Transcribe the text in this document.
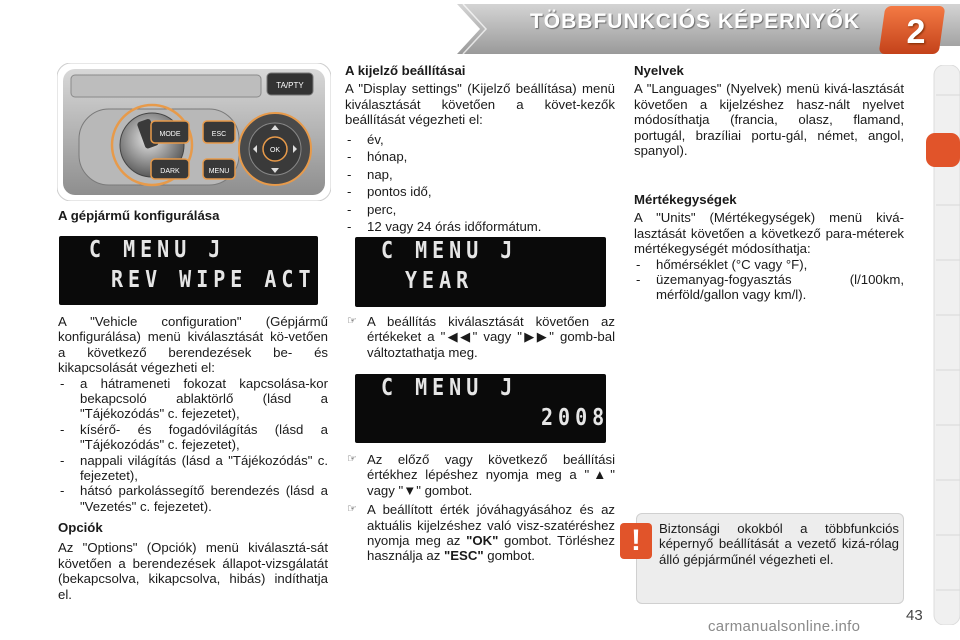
TÖBBFUNKCIÓS KÉPERNYŐK	2
TA/PTY
MODE
DARK
ESC
MENU
OK
A gépjármű konfigurálása
C MENU J
REV WIPE ACT

A "Vehicle configuration" (Gépjármű konfigurálása) menü kiválasztását kö-vetően a következő berendezések be- és kikapcsolását végezheti el:

- a hátrameneti fokozat kapcsolása-kor bekapcsoló ablaktörlő (lásd a "Tájékozódás" c. fejezetet),
- kísérő- és fogadóvilágítás (lásd a "Tájékozódás" c. fejezetet),
- nappali világítás (lásd a "Tájékozódás" c. fejezetet),
- hátsó parkolássegítő berendezés (lásd a "Vezetés" c. fejezetet).

Opciók

Az "Options" (Opciók) menü kiválasztá-sát követően a berendezések állapot-vizsgálatát (bekapcsolva, kikapcsolva, hibás) indíthatja el.

A kijelző beállításai

A "Display settings" (Kijelző beállítása) menü kiválasztását követően a követ-kezők beállítását végezheti el:

- év,
- hónap,
- nap,
- pontos idő,
- perc,
- 12 vagy 24 órás időformátum.
C MENU J
YEAR
☞ A beállítás kiválasztását követően az értékeket a "◀◀" vagy "▶▶" gomb-bal változtathatja meg.
C MENU J
2008
☞ Az előző vagy következő beállítási értékhez lépéshez nyomja meg a "▲" vagy "▼" gombot.
☞ A beállított érték jóváhagyásához és az aktuális kijelzéshez való visz-szatéréshez nyomja meg az "OK" gombot. Törléshez használja az "ESC" gombot.

Nyelvek

A "Languages" (Nyelvek) menü kivá-lasztását követően a kijelzéshez hasz-nált nyelvet módosíthatja (francia, olasz, flamand, portugál, brazíliai portu-gál, német, angol, spanyol).

Mértékegységek

A "Units" (Mértékegységek) menü kivá-lasztását követően a következő para-méterek mértékegységét módosíthatja:

- hőmérséklet (°C vagy °F),
- üzemanyag-fogyasztás (l/100km, mérföld/gallon vagy km/l).
!	Biztonsági okokból a többfunkciós képernyő beállítását a vezető kizá-rólag álló gépjárműnél végezheti el.
43
carmanualsonline.info
